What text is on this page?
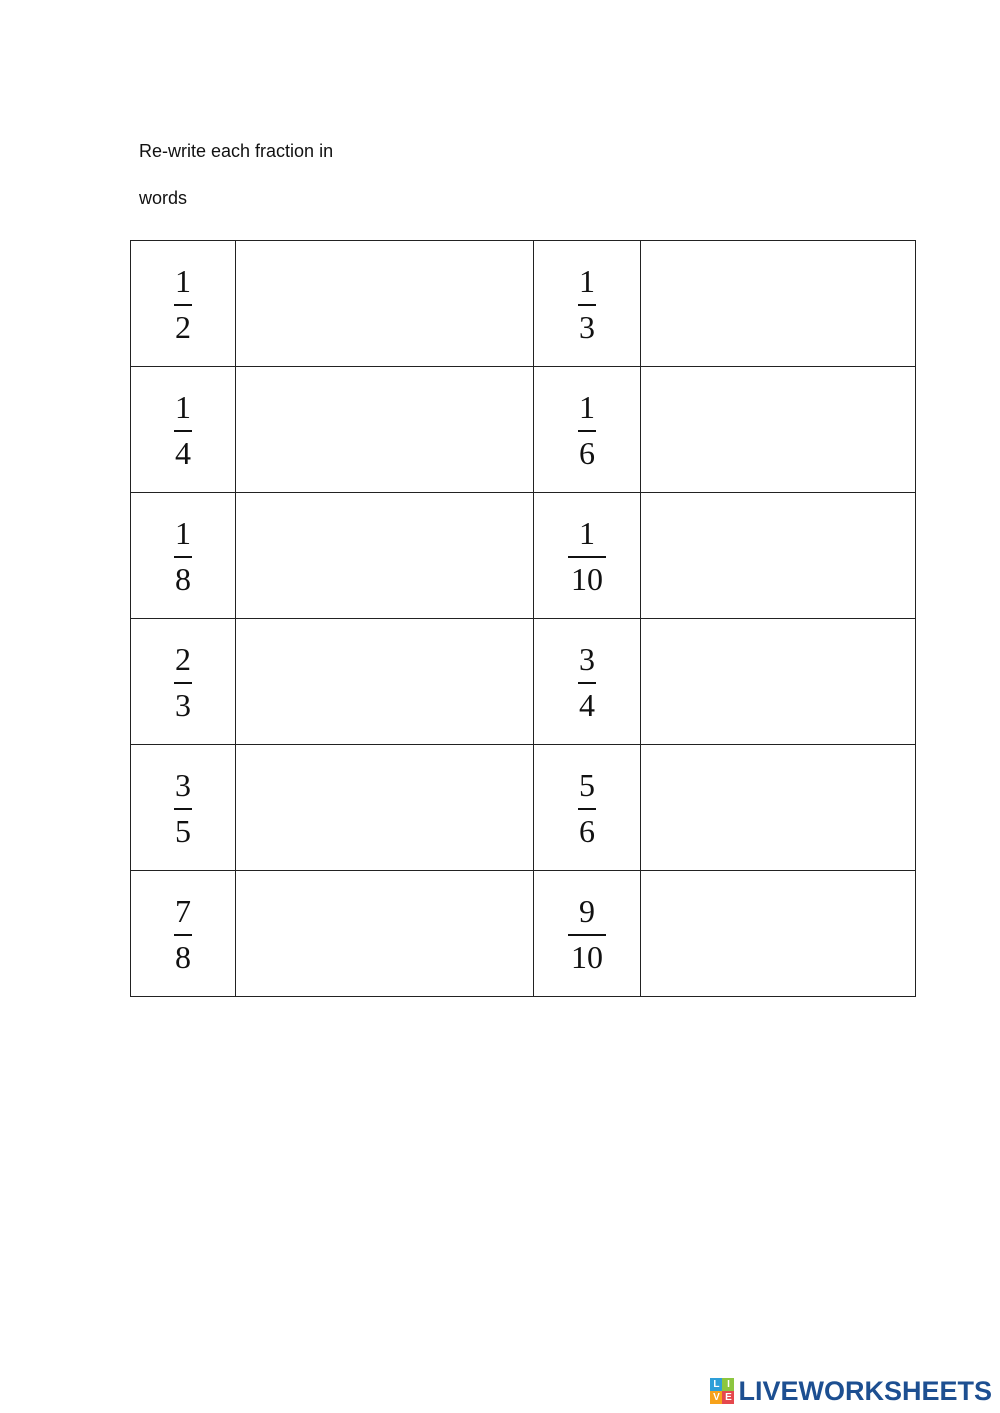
Re-write each fraction in
words
$\frac{1}{2}$		$\frac{1}{3}$

$\frac{1}{4}$		$\frac{1}{6}$

$\frac{1}{8}$		$\frac{1}{10}$

$\frac{2}{3}$		$\frac{3}{4}$

$\frac{3}{5}$		$\frac{5}{6}$

$\frac{7}{8}$		$\frac{9}{10}$

L I
V E LIVEWORKSHEETS
